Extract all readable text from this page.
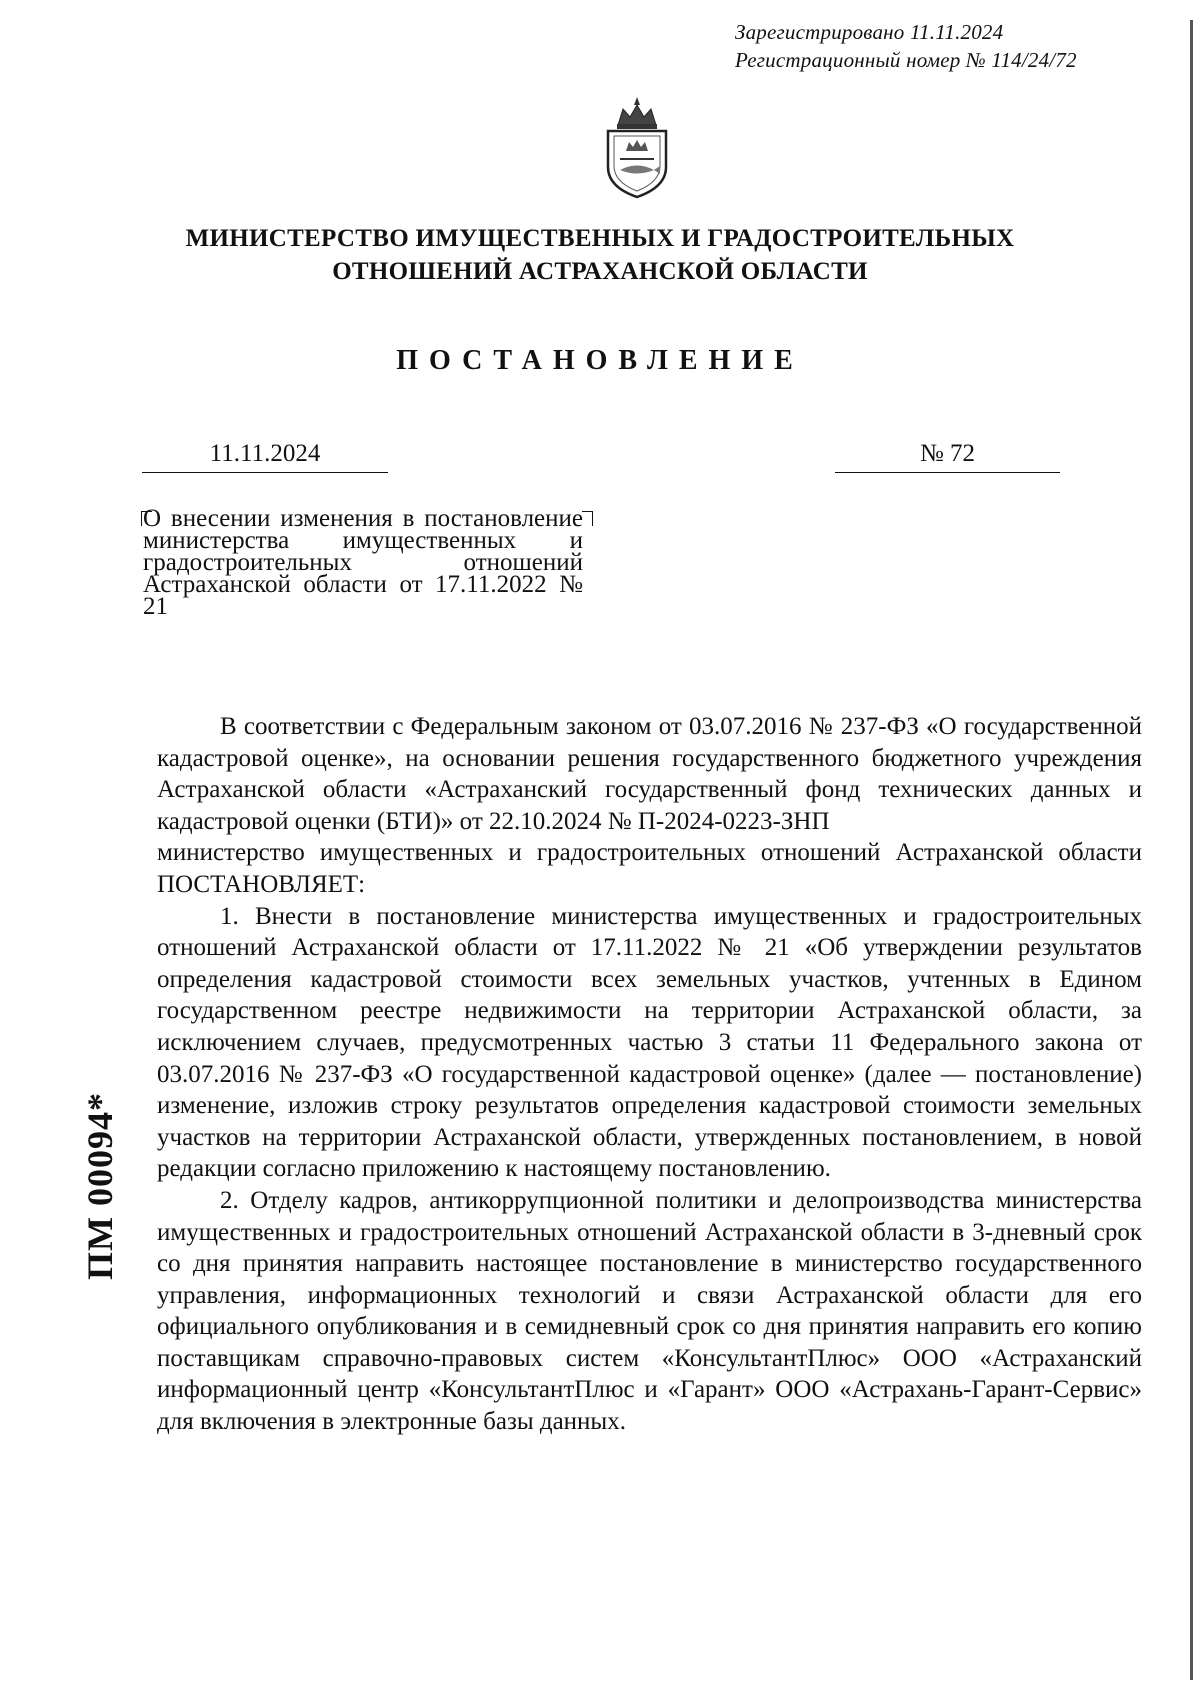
Зарегистрировано 11.11.2024
Регистрационный номер № 114/24/72
МИНИСТЕРСТВО ИМУЩЕСТВЕННЫХ И ГРАДОСТРОИТЕЛЬНЫХ
ОТНОШЕНИЙ АСТРАХАНСКОЙ ОБЛАСТИ
ПОСТАНОВЛЕНИЕ
11.11.2024	№ 72
О внесении изменения в постановление министерства имущественных и градостроительных отношений Астраханской области от 17.11.2022 № 21

В соответствии с Федеральным законом от 03.07.2016 № 237-ФЗ «О государственной кадастровой оценке», на основании решения государственного бюджетного учреждения Астраханской области «Астраханский государственный фонд технических данных и кадастровой оценки (БТИ)» от 22.10.2024 № П-2024-0223-ЗНП

министерство имущественных и градостроительных отношений Астраханской области ПОСТАНОВЛЯЕТ:

1. Внести в постановление министерства имущественных и градостроительных отношений Астраханской области от 17.11.2022 № 21 «Об утверждении результатов определения кадастровой стоимости всех земельных участков, учтенных в Едином государственном реестре недвижимости на территории Астраханской области, за исключением случаев, предусмотренных частью 3 статьи 11 Федерального закона от 03.07.2016 № 237-ФЗ «О государственной кадастровой оценке» (далее — постановление) изменение, изложив строку результатов определения кадастровой стоимости земельных участков на территории Астраханской области, утвержденных постановлением, в новой редакции согласно приложению к настоящему постановлению.

2. Отделу кадров, антикоррупционной политики и делопроизводства министерства имущественных и градостроительных отношений Астраханской области в 3-дневный срок со дня принятия направить настоящее постановление в министерство государственного управления, информационных технологий и связи Астраханской области для его официального опубликования и в семидневный срок со дня принятия направить его копию поставщикам справочно-правовых систем «КонсультантПлюс» ООО «Астраханский информационный центр «КонсультантПлюс и «Гарант» ООО «Астрахань-Гарант-Сервис» для включения в электронные базы данных.

ПМ 00094*
